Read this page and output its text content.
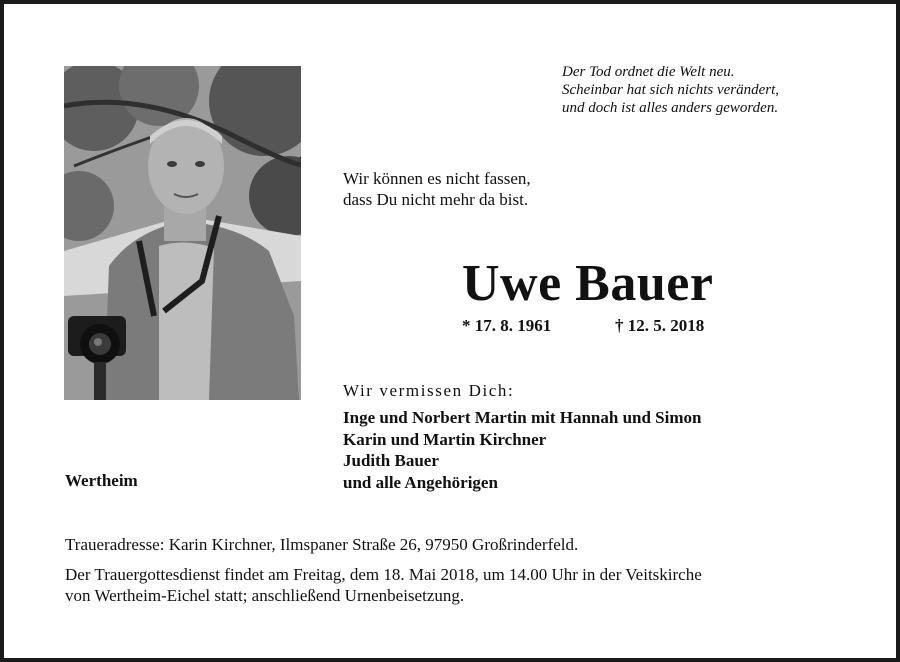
Der Tod ordnet die Welt neu.
Scheinbar hat sich nichts verändert,
und doch ist alles anders geworden.
Wir können es nicht fassen,
dass Du nicht mehr da bist.
Uwe Bauer
* 17. 8. 1961	† 12. 5. 2018
Wir vermissen Dich:
Inge und Norbert Martin mit Hannah und Simon
Karin und Martin Kirchner
Judith Bauer
und alle Angehörigen
Wertheim
Traueradresse: Karin Kirchner, Ilmspaner Straße 26, 97950 Großrinderfeld.
Der Trauergottesdienst findet am Freitag, dem 18. Mai 2018, um 14.00 Uhr in der Veitskirche
von Wertheim-Eichel statt; anschließend Urnenbeisetzung.
